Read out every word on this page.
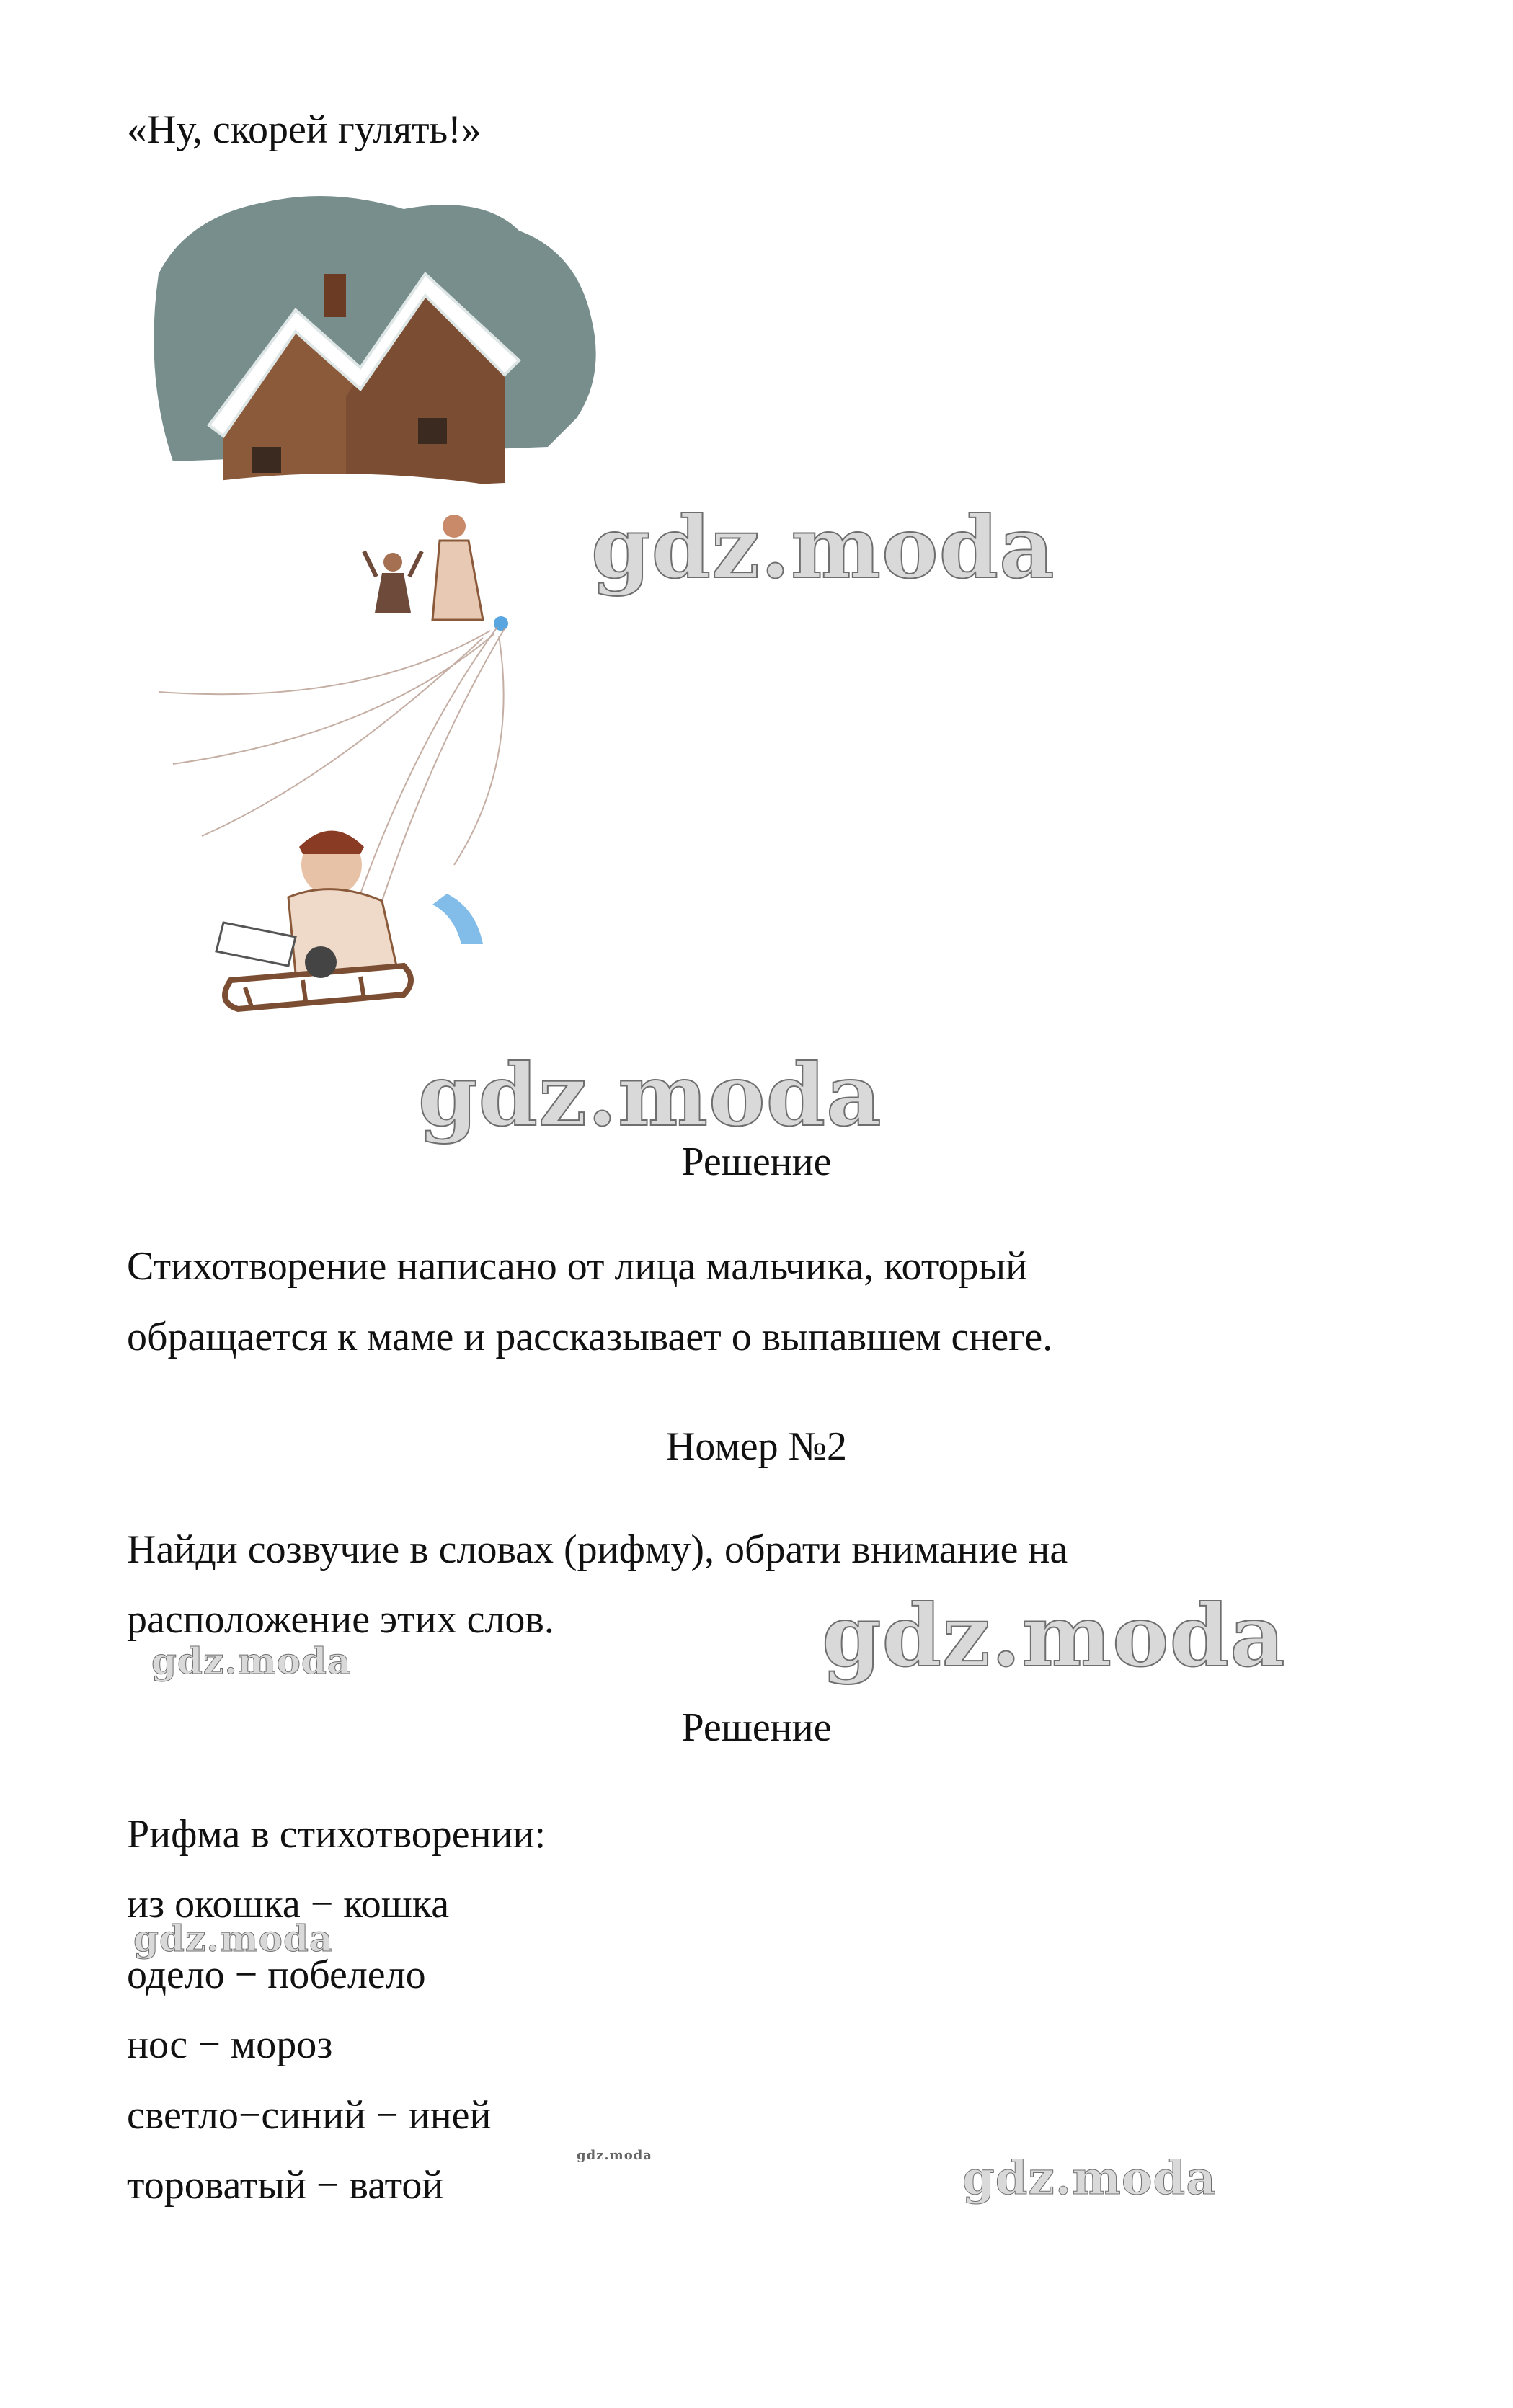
«Ну, скорей гулять!»
gdz.moda
gdz.moda
gdz.moda
gdz.moda
gdz.moda
gdz.moda
gdz.moda
Решение
Стихотворение написано от лица мальчика, который
обращается к маме и рассказывает о выпавшем снеге.
Номер №2
Найди созвучие в словах (рифму), обрати внимание на
расположение этих слов.
Решение
Рифма в стихотворении:
из окошка − кошка
одело − побелело
нос − мороз
светло−синий − иней
тороватый − ватой
